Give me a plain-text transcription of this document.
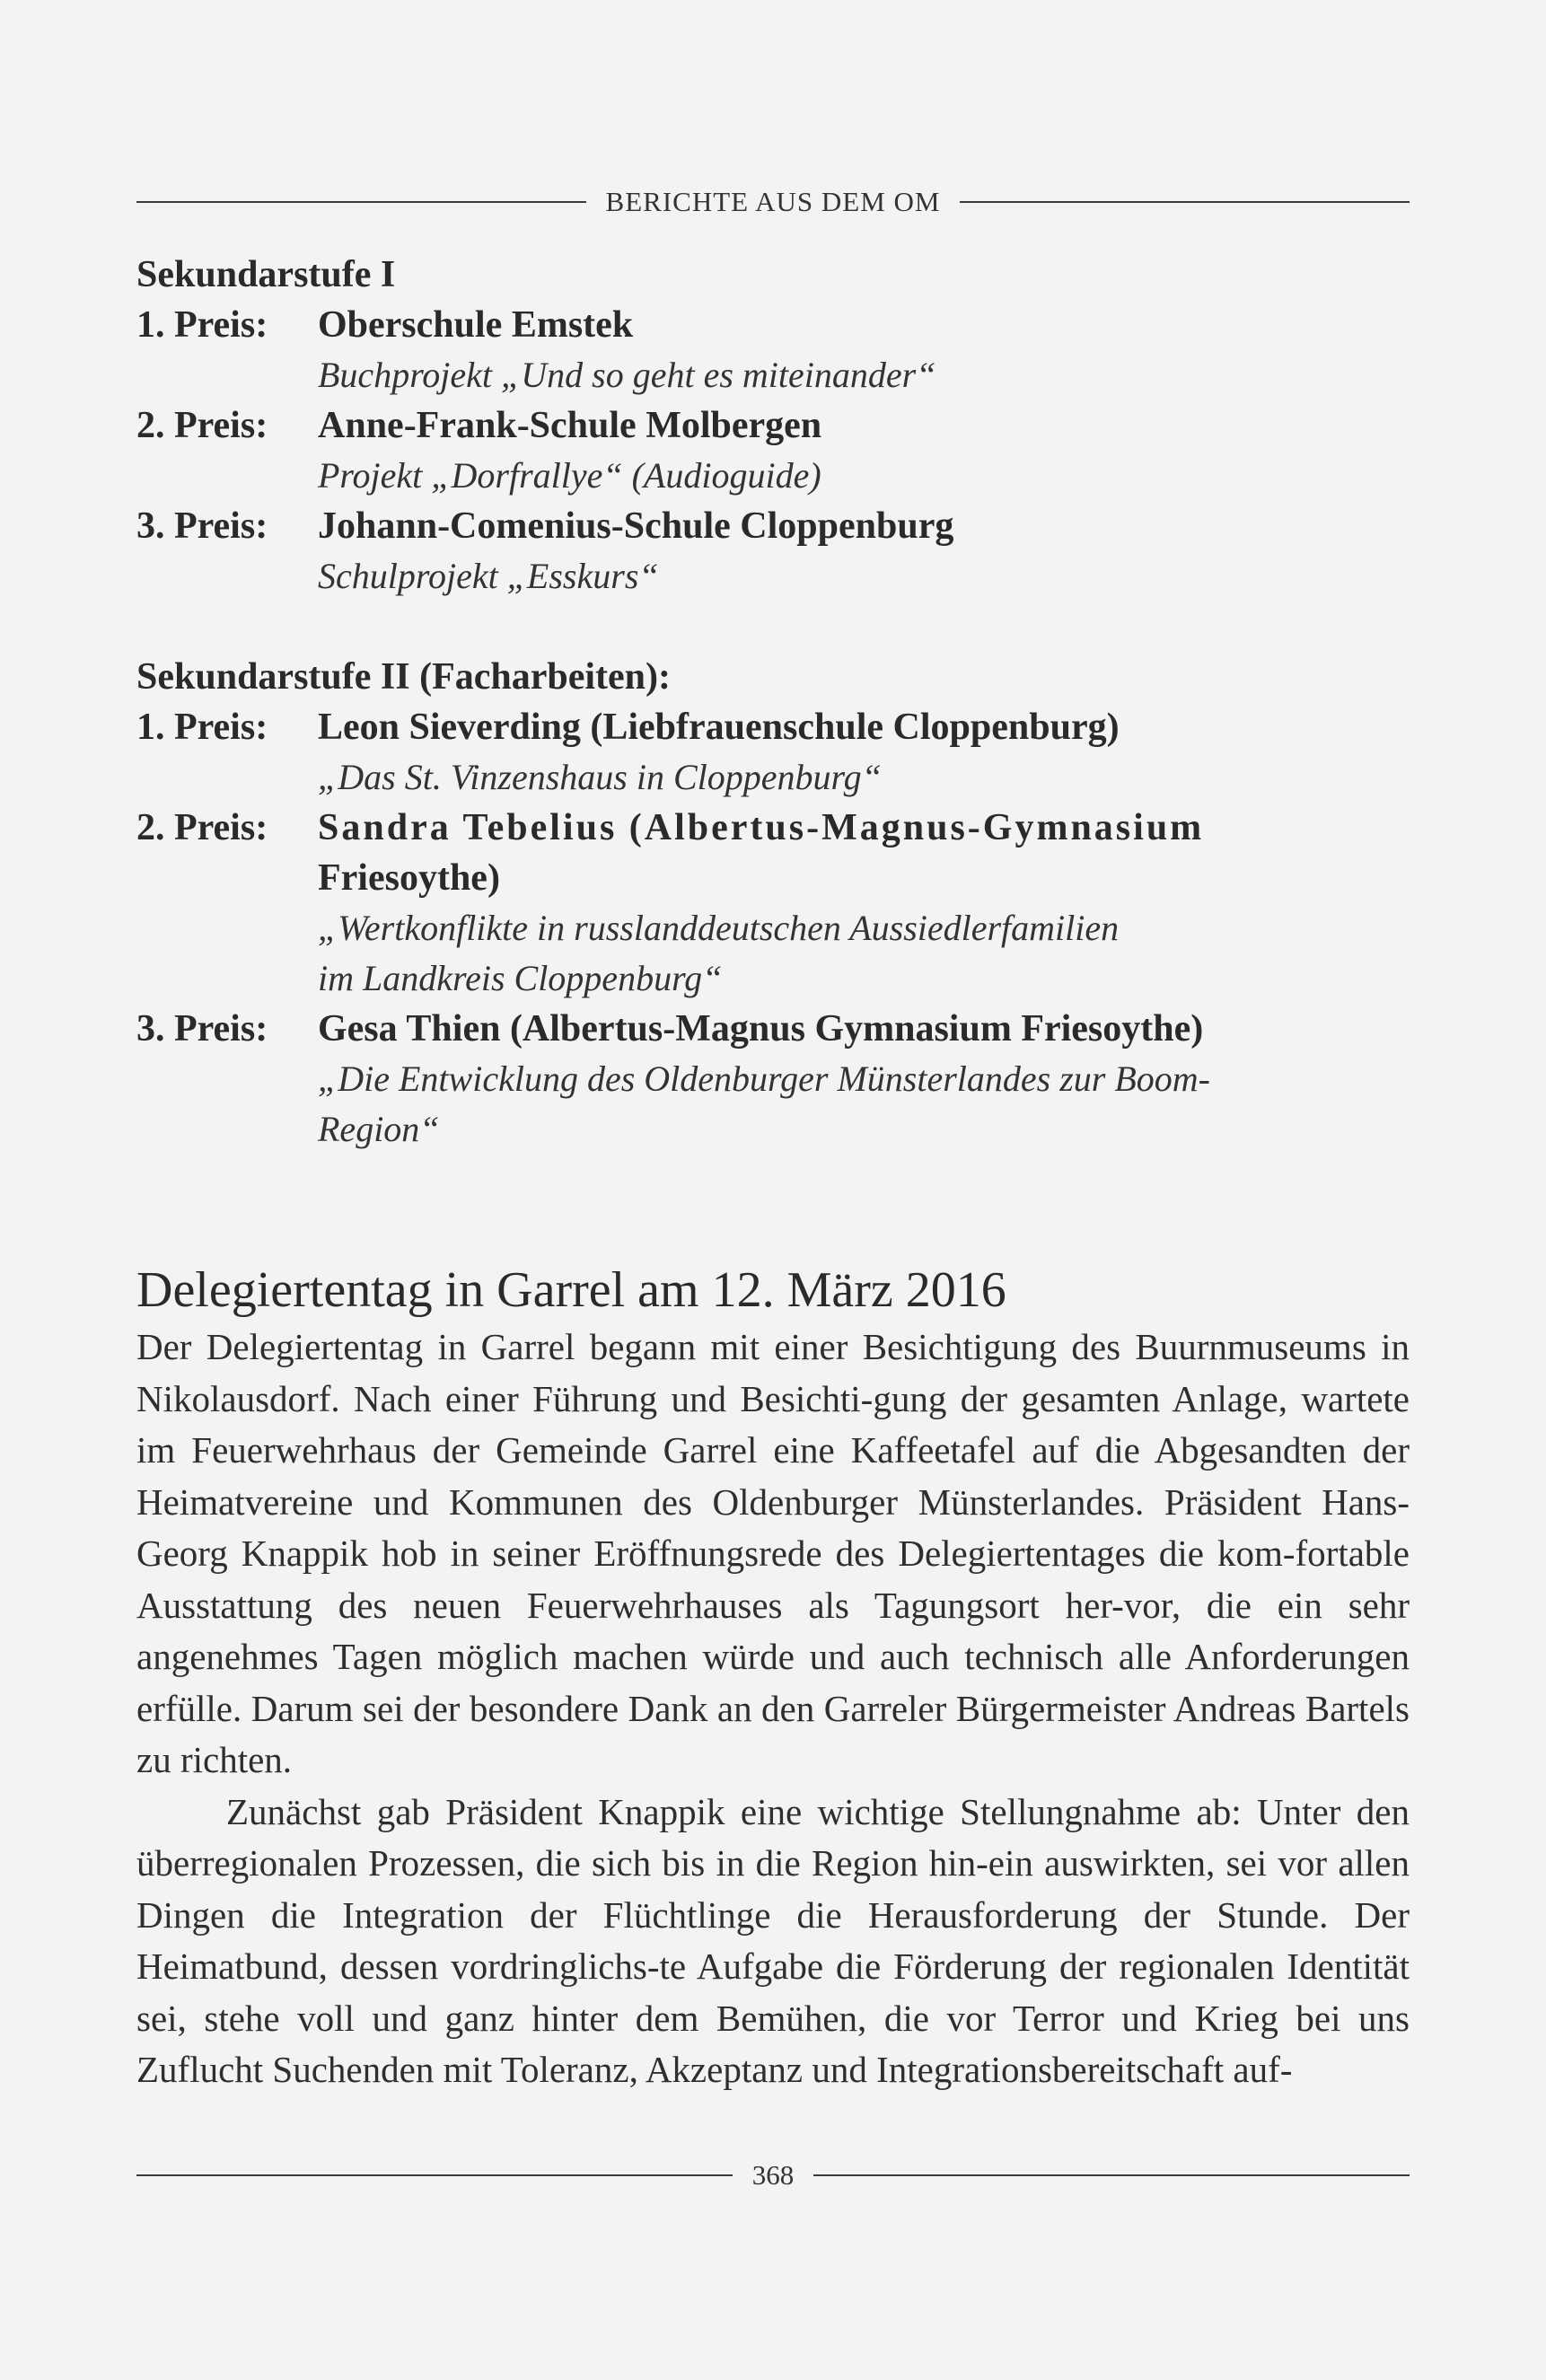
BERICHTE AUS DEM OM
Sekundarstufe I
1. Preis:	Oberschule Emstek
Buchprojekt „Und so geht es miteinander“
2. Preis:	Anne-Frank-Schule Molbergen
Projekt „Dorfrallye“ (Audioguide)
3. Preis:	Johann-Comenius-Schule Cloppenburg
Schulprojekt „Esskurs“
Sekundarstufe II (Facharbeiten):
1. Preis:	Leon Sieverding (Liebfrauenschule Cloppenburg)
„Das St. Vinzenshaus in Cloppenburg“
2. Preis:	Sandra Tebelius (Albertus-Magnus-Gymnasium
Friesoythe)
„Wertkonflikte in russlanddeutschen Aussiedlerfamilien
im Landkreis Cloppenburg“
3. Preis:	Gesa Thien (Albertus-Magnus Gymnasium Friesoythe)
„Die Entwicklung des Oldenburger Münsterlandes zur Boom-
Region“
Delegiertentag in Garrel am 12. März 2016

Der Delegiertentag in Garrel begann mit einer Besichtigung des Buurnmuseums in Nikolausdorf. Nach einer Führung und Besichti-gung der gesamten Anlage, wartete im Feuerwehrhaus der Gemeinde Garrel eine Kaffeetafel auf die Abgesandten der Heimatvereine und Kommunen des Oldenburger Münsterlandes. Präsident Hans-Georg Knappik hob in seiner Eröffnungsrede des Delegiertentages die kom-fortable Ausstattung des neuen Feuerwehrhauses als Tagungsort her-vor, die ein sehr angenehmes Tagen möglich machen würde und auch technisch alle Anforderungen erfülle. Darum sei der besondere Dank an den Garreler Bürgermeister Andreas Bartels zu richten.

Zunächst gab Präsident Knappik eine wichtige Stellungnahme ab: Unter den überregionalen Prozessen, die sich bis in die Region hin-ein auswirkten, sei vor allen Dingen die Integration der Flüchtlinge die Herausforderung der Stunde. Der Heimatbund, dessen vordringlichs-te Aufgabe die Förderung der regionalen Identität sei, stehe voll und ganz hinter dem Bemühen, die vor Terror und Krieg bei uns Zuflucht Suchenden mit Toleranz, Akzeptanz und Integrationsbereitschaft auf-

368
